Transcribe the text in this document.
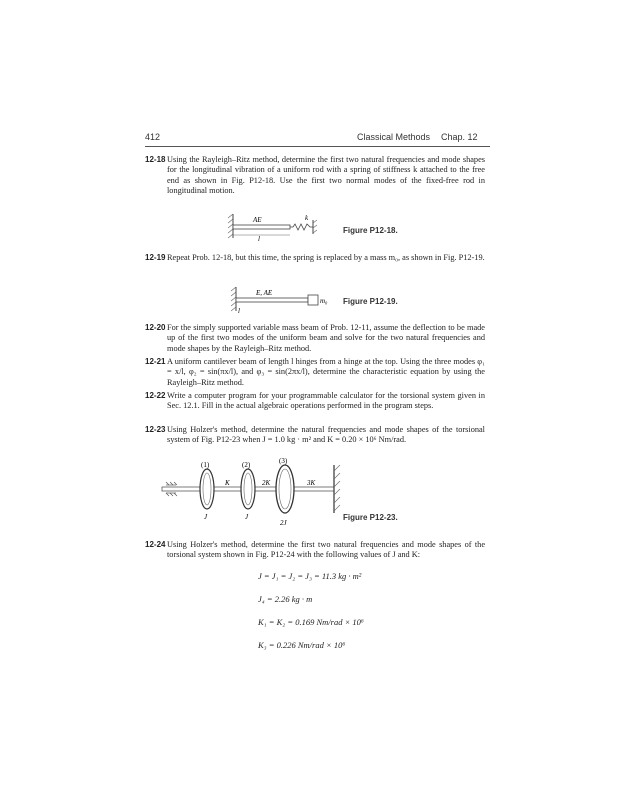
412	Classical Methods Chap. 12
12-18 Using the Rayleigh–Ritz method, determine the first two natural frequencies and mode shapes for the longitudinal vibration of a uniform rod with a spring of stiffness k attached to the free end as shown in Fig. P12-18. Use the first two normal modes of the fixed-free rod in longitudinal motion.
AE	k
l
Figure P12-18.
12-19 Repeat Prob. 12-18, but this time, the spring is replaced by a mass m₀, as shown in Fig. P12-19.
E, AE
m₀
l
Figure P12-19.
12-20 For the simply supported variable mass beam of Prob. 12-11, assume the deflection to be made up of the first two modes of the uniform beam and solve for the two natural frequencies and mode shapes by the Rayleigh–Ritz method.
12-21 A uniform cantilever beam of length l hinges from a hinge at the top. Using the three modes φ₁ = x/l, φ₂ = sin(πx/l), and φ₃ = sin(2πx/l), determine the characteristic equation by using the Rayleigh–Ritz method.
12-22 Write a computer program for your programmable calculator for the torsional system given in Sec. 12.1. Fill in the actual algebraic operations performed in the program steps.
12-23 Using Holzer's method, determine the natural frequencies and mode shapes of the torsional system of Fig. P12-23 when J = 1.0 kg · m² and K = 0.20 × 10⁶ Nm/rad.
(1)	(2)	(3)
K	2K	3K
J	J
2J
Figure P12-23.
12-24 Using Holzer's method, determine the first two natural frequencies and mode shapes of the torsional system shown in Fig. P12-24 with the following values of J and K:
J = J₁ = J₂ = J₃ = 11.3 kg · m²
J₄ = 2.26 kg · m
K₁ = K₂ = 0.169 Nm/rad × 10⁶
K₃ = 0.226 Nm/rad × 10⁶
